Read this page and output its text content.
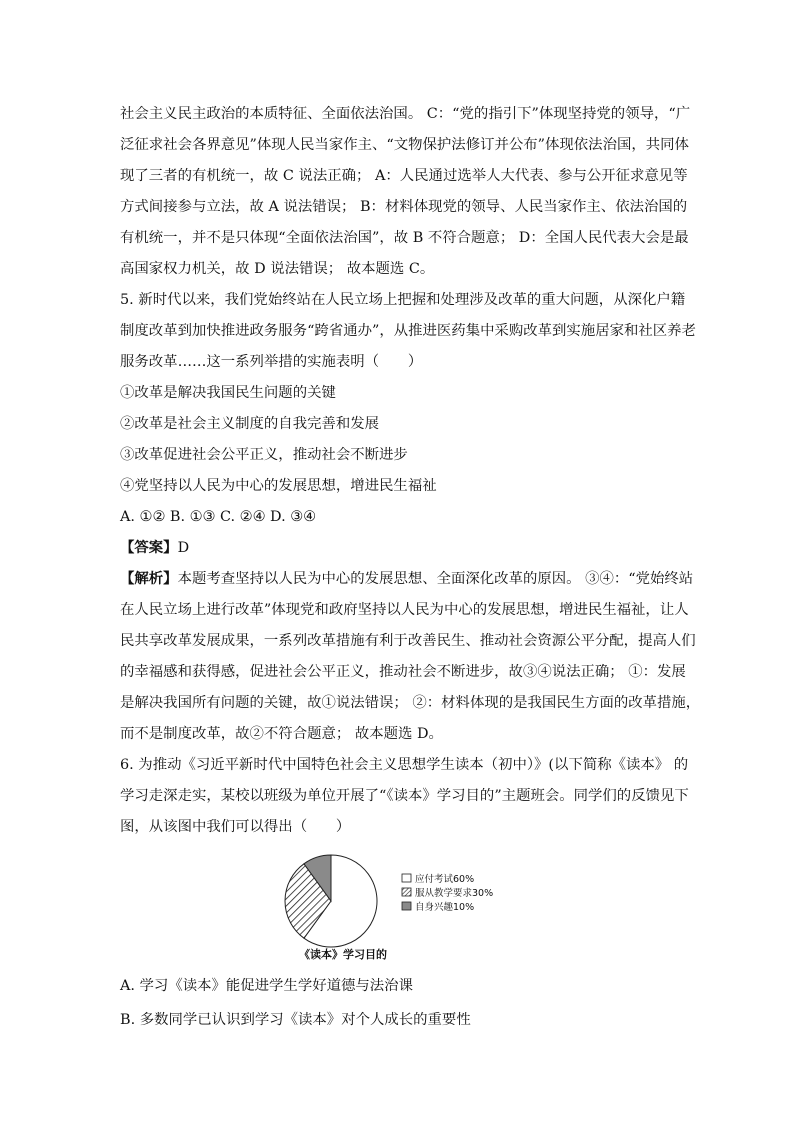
社会主义民主政治的本质特征、全面依法治国。 C：“党的指引下”体现坚持党的领导，“广
泛征求社会各界意见”体现人民当家作主、“文物保护法修订并公布”体现依法治国，共同体
现了三者的有机统一，故 C 说法正确； A：人民通过选举人大代表、参与公开征求意见等
方式间接参与立法，故 A 说法错误； B：材料体现党的领导、人民当家作主、依法治国的
有机统一，并不是只体现“全面依法治国”，故 B 不符合题意； D：全国人民代表大会是最
高国家权力机关，故 D 说法错误； 故本题选 C。
5. 新时代以来，我们党始终站在人民立场上把握和处理涉及改革的重大问题，从深化户籍
制度改革到加快推进政务服务“跨省通办”，从推进医药集中采购改革到实施居家和社区养老
服务改革……这一系列举措的实施表明（　　）
①改革是解决我国民生问题的关键
②改革是社会主义制度的自我完善和发展
③改革促进社会公平正义，推动社会不断进步
④党坚持以人民为中心的发展思想，增进民生福祉
A. ①② B. ①③ C. ②④ D. ③④
【答案】D
【解析】本题考查坚持以人民为中心的发展思想、全面深化改革的原因。 ③④：“党始终站
在人民立场上进行改革”体现党和政府坚持以人民为中心的发展思想，增进民生福祉，让人
民共享改革发展成果，一系列改革措施有利于改善民生、推动社会资源公平分配，提高人们
的幸福感和获得感，促进社会公平正义，推动社会不断进步，故③④说法正确； ①：发展
是解决我国所有问题的关键，故①说法错误； ②：材料体现的是我国民生方面的改革措施，
而不是制度改革，故②不符合题意； 故本题选 D。
6. 为推动《习近平新时代中国特色社会主义思想学生读本（初中）》(以下简称《读本》 的
学习走深走实，某校以班级为单位开展了“《读本》学习目的”主题班会。同学们的反馈见下
图，从该图中我们可以得出（　　）
应付考试60%
服从教学要求30%
自身兴趣10%
《读本》学习目的
A. 学习《读本》能促进学生学好道德与法治课
B. 多数同学已认识到学习《读本》对个人成长的重要性
